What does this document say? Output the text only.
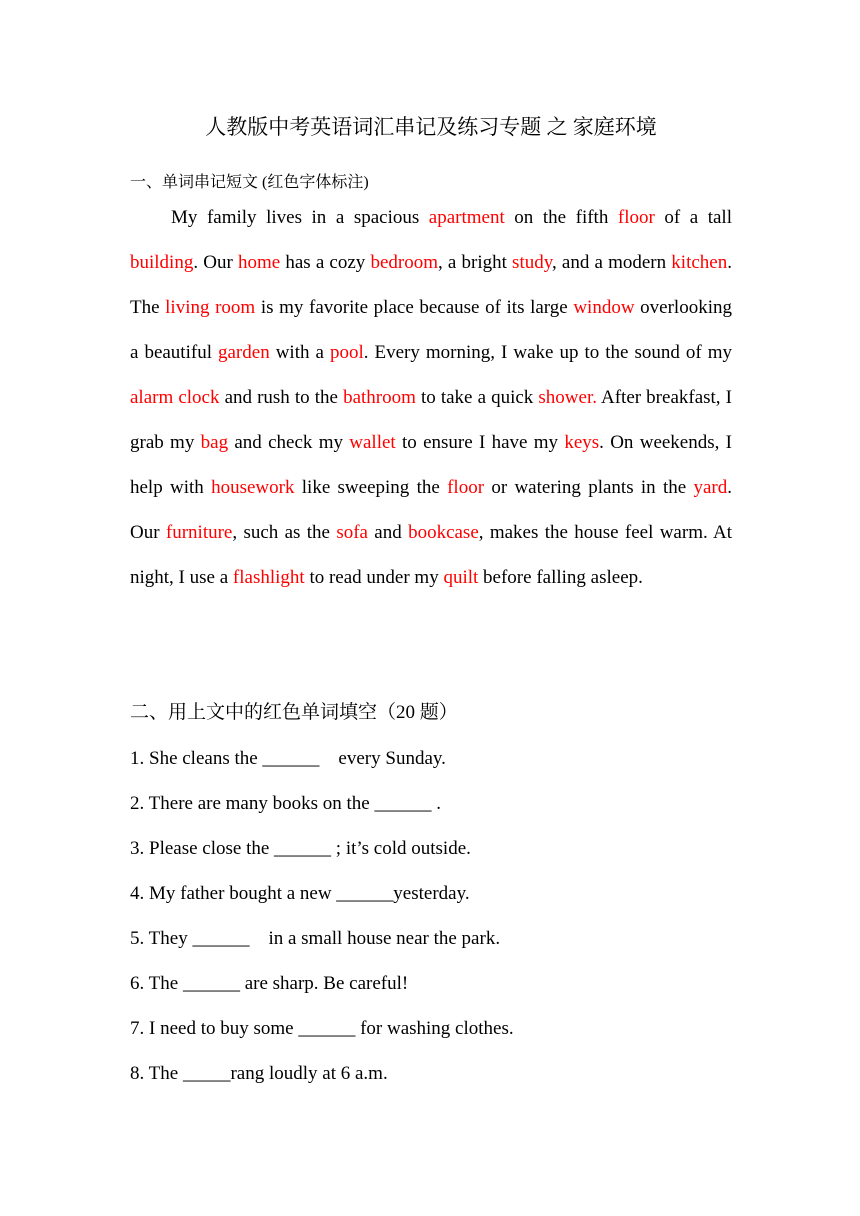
人教版中考英语词汇串记及练习专题 之 家庭环境
一、单词串记短文 (红色字体标注)

My family lives in a spacious apartment on the fifth floor of a tall building. Our home has a cozy bedroom, a bright study, and a modern kitchen. The living room is my favorite place because of its large window overlooking a beautiful garden with a pool. Every morning, I wake up to the sound of my alarm clock and rush to the bathroom to take a quick shower. After breakfast, I grab my bag and check my wallet to ensure I have my keys. On weekends, I help with housework like sweeping the floor or watering plants in the yard. Our furniture, such as the sofa and bookcase, makes the house feel warm. At night, I use a flashlight to read under my quilt before falling asleep.

二、用上文中的红色单词填空（20 题）
1. She cleans the ______    every Sunday.
2. There are many books on the ______ .
3. Please close the ______ ; it’s cold outside.
4. My father bought a new ______yesterday.
5. They ______    in a small house near the park.
6. The ______ are sharp. Be careful!
7. I need to buy some ______ for washing clothes.
8. The _____rang loudly at 6 a.m.
